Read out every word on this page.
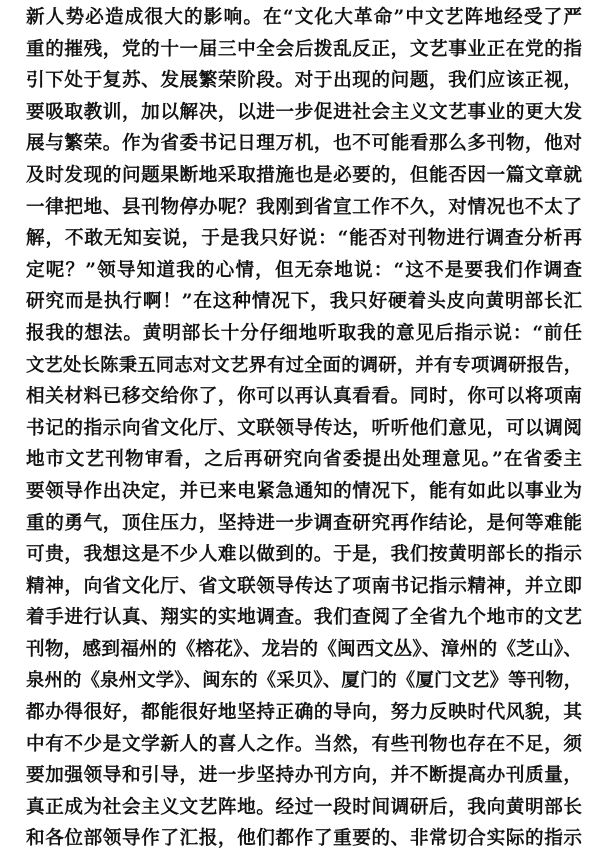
新人势必造成很大的影响。在“文化大革命”中文艺阵地经受了严
重的摧残，党的十一届三中全会后拨乱反正，文艺事业正在党的指
引下处于复苏、发展繁荣阶段。对于出现的问题，我们应该正视，
要吸取教训，加以解决，以进一步促进社会主义文艺事业的更大发
展与繁荣。作为省委书记日理万机，也不可能看那么多刊物，他对
及时发现的问题果断地采取措施也是必要的，但能否因一篇文章就
一律把地、县刊物停办呢？我刚到省宣工作不久，对情况也不太了
解，不敢无知妄说，于是我只好说：“能否对刊物进行调查分析再
定呢？”领导知道我的心情，但无奈地说：“这不是要我们作调查
研究而是执行啊！”在这种情况下，我只好硬着头皮向黄明部长汇
报我的想法。黄明部长十分仔细地听取我的意见后指示说：“前任
文艺处长陈秉五同志对文艺界有过全面的调研，并有专项调研报告，
相关材料已移交给你了，你可以再认真看看。同时，你可以将项南
书记的指示向省文化厅、文联领导传达，听听他们意见，可以调阅
地市文艺刊物审看，之后再研究向省委提出处理意见。”在省委主
要领导作出决定，并已来电紧急通知的情况下，能有如此以事业为
重的勇气，顶住压力，坚持进一步调查研究再作结论，是何等难能
可贵，我想这是不少人难以做到的。于是，我们按黄明部长的指示
精神，向省文化厅、省文联领导传达了项南书记指示精神，并立即
着手进行认真、翔实的实地调查。我们查阅了全省九个地市的文艺
刊物，感到福州的《榕花》、龙岩的《闽西文丛》、漳州的《芝山》、
泉州的《泉州文学》、闽东的《采贝》、厦门的《厦门文艺》等刊物，
都办得很好，都能很好地坚持正确的导向，努力反映时代风貌，其
中有不少是文学新人的喜人之作。当然，有些刊物也存在不足，须
要加强领导和引导，进一步坚持办刊方向，并不断提高办刊质量，
真正成为社会主义文艺阵地。经过一段时间调研后，我向黄明部长
和各位部领导作了汇报，他们都作了重要的、非常切合实际的指示
